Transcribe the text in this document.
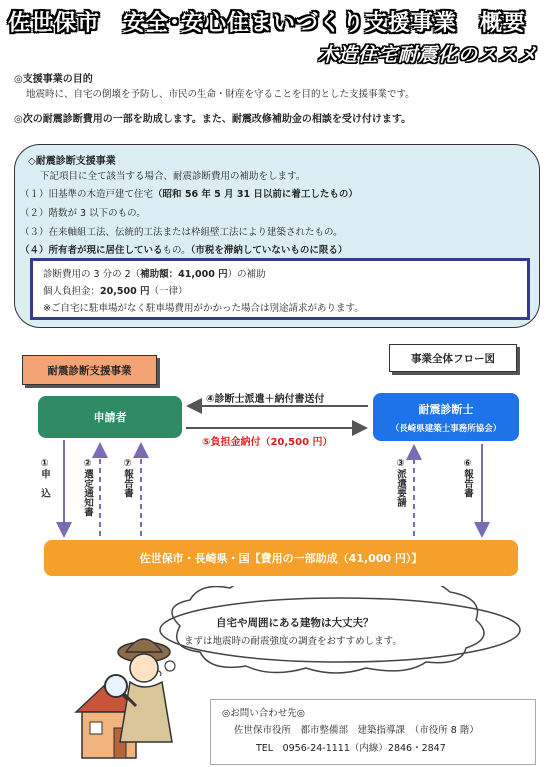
佐世保市　安全･安心住まいづくり支援事業　概要
木造住宅耐震化のススメ
◎支援事業の目的
地震時に、自宅の倒壊を予防し、市民の生命・財産を守ることを目的とした支援事業です。
◎次の耐震診断費用の一部を助成します。また、耐震改修補助金の相談を受け付けます。
◇耐震診断支援事業
下記項目に全て該当する場合、耐震診断費用の補助をします。
（１）旧基準の木造戸建て住宅（昭和 56 年 5 月 31 日以前に着工したもの）
（２）階数が 3 以下のもの。
（３）在来軸組工法、伝統的工法または枠組壁工法により建築されたもの。
（４）所有者が現に居住しているもの。（市税を滞納していないものに限る）
診断費用の 3 分の 2（補助額：41,000 円）の補助
個人負担金：20,500 円（一律）
※ご自宅に駐車場がなく駐車場費用がかかった場合は別途請求があります。
耐震診断支援事業
事業全体フロー図
申請者
耐震診断士
（長崎県建築士事務所協会）
④診断士派遣＋納付書送付
⑤負担金納付（20,500 円）
①申　込	②選定通知書	⑦報告書	③派遣要請	⑥報告書
佐世保市・長崎県・国【費用の一部助成（41,000 円）】
自宅や周囲にある建物は大丈夫？
まずは地震時の耐震強度の調査をおすすめします。
◎お問い合わせ先◎
佐世保市役所　都市整備部　建築指導課　（市役所 8 階）
TEL　0956-24-1111（内線）2846・2847
